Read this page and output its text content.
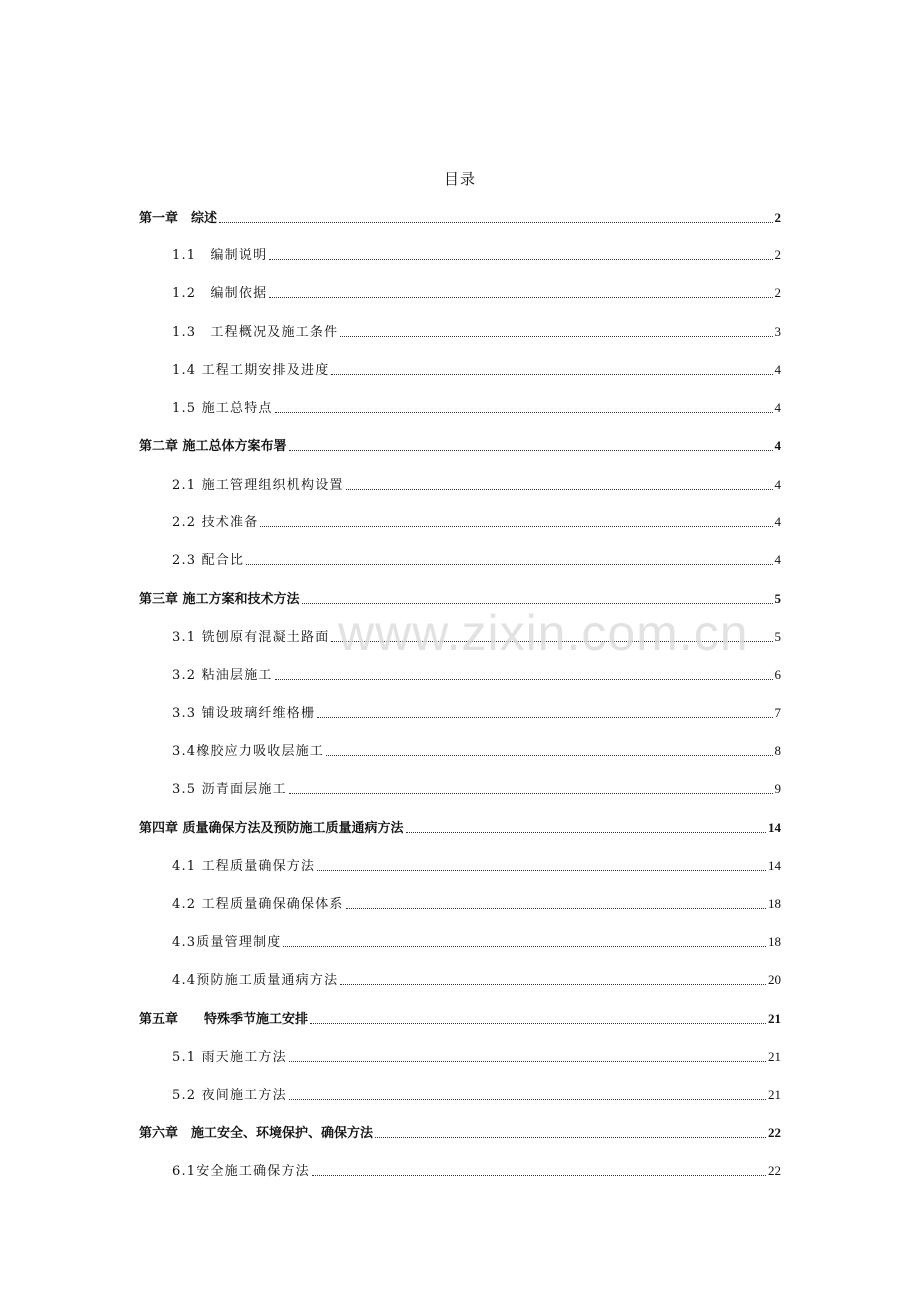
目录
第一章　综述	2
1.1　编制说明	2
1.2　编制依据	2
1.3　工程概况及施工条件	3
1.4 工程工期安排及进度	4
1.5 施工总特点	4
第二章 施工总体方案布署	4
2.1 施工管理组织机构设置	4
2.2 技术准备	4
2.3 配合比	4
第三章 施工方案和技术方法	5
3.1 铣刨原有混凝土路面	5
3.2 粘油层施工	6
3.3 铺设玻璃纤维格栅	7
3.4橡胶应力吸收层施工	8
3.5 沥青面层施工	9
第四章 质量确保方法及预防施工质量通病方法	14
4.1 工程质量确保方法	14
4.2 工程质量确保确保体系	18
4.3质量管理制度	18
4.4预防施工质量通病方法	20
第五章　　特殊季节施工安排	21
5.1 雨天施工方法	21
5.2 夜间施工方法	21
第六章　施工安全、环境保护、确保方法	22
6.1安全施工确保方法	22
www.zixin.com.cn
